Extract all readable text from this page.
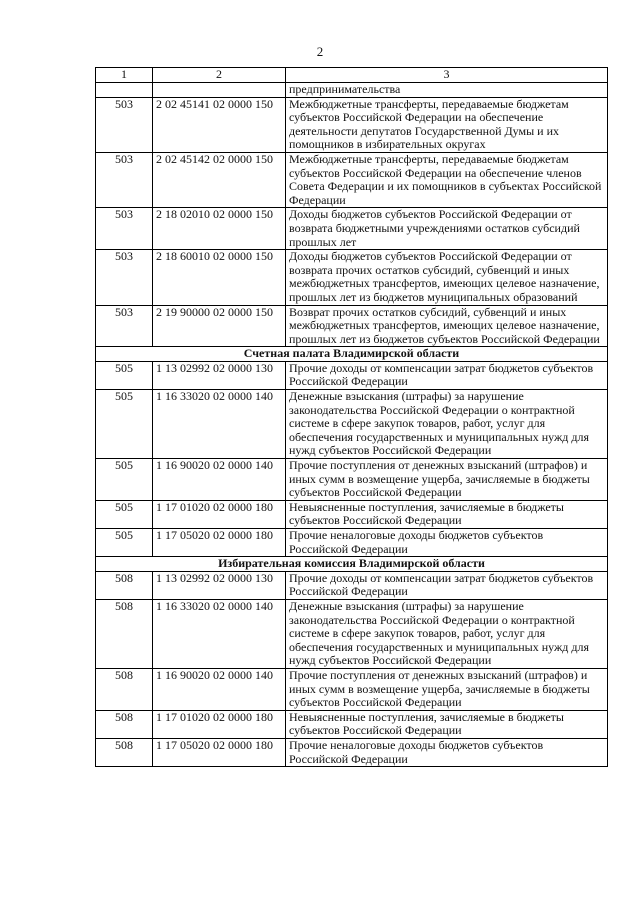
2
1	2	3
		предпринимательства
503	2 02 45141 02 0000 150	Межбюджетные трансферты, передаваемые бюджетам субъектов Российской Федерации на обеспечение деятельности депутатов Государственной Думы и их помощников в избирательных округах
503	2 02 45142 02 0000 150	Межбюджетные трансферты, передаваемые бюджетам субъектов Российской Федерации на обеспечение членов Совета Федерации и их помощников в субъектах Российской Федерации
503	2 18 02010 02 0000 150	Доходы бюджетов субъектов Российской Федерации от возврата бюджетными учреждениями остатков субсидий прошлых лет
503	2 18 60010 02 0000 150	Доходы бюджетов субъектов Российской Федерации от возврата прочих остатков субсидий, субвенций и иных межбюджетных трансфертов, имеющих целевое назначение, прошлых лет из бюджетов муниципальных образований
503	2 19 90000 02 0000 150	Возврат прочих остатков субсидий, субвенций и иных межбюджетных трансфертов, имеющих целевое назначение, прошлых лет из бюджетов субъектов Российской Федерации
Счетная палата Владимирской области		
505	1 13 02992 02 0000 130	Прочие доходы от компенсации затрат бюджетов субъектов Российской Федерации
505	1 16 33020 02 0000 140	Денежные взыскания (штрафы) за нарушение законодательства Российской Федерации о контрактной системе в сфере закупок товаров, работ, услуг для обеспечения государственных и муниципальных нужд для нужд субъектов Российской Федерации
505	1 16 90020 02 0000 140	Прочие поступления от денежных взысканий (штрафов) и иных сумм в возмещение ущерба, зачисляемые в бюджеты субъектов Российской Федерации
505	1 17 01020 02 0000 180	Невыясненные поступления, зачисляемые в бюджеты субъектов Российской Федерации
505	1 17 05020 02 0000 180	Прочие неналоговые доходы бюджетов субъектов Российской Федерации
Избирательная комиссия Владимирской области		
508	1 13 02992 02 0000 130	Прочие доходы от компенсации затрат бюджетов субъектов Российской Федерации
508	1 16 33020 02 0000 140	Денежные взыскания (штрафы) за нарушение законодательства Российской Федерации о контрактной системе в сфере закупок товаров, работ, услуг для обеспечения государственных и муниципальных нужд для нужд субъектов Российской Федерации
508	1 16 90020 02 0000 140	Прочие поступления от денежных взысканий (штрафов) и иных сумм в возмещение ущерба, зачисляемые в бюджеты субъектов Российской Федерации
508	1 17 01020 02 0000 180	Невыясненные поступления, зачисляемые в бюджеты субъектов Российской Федерации
508	1 17 05020 02 0000 180	Прочие неналоговые доходы бюджетов субъектов Российской Федерации
